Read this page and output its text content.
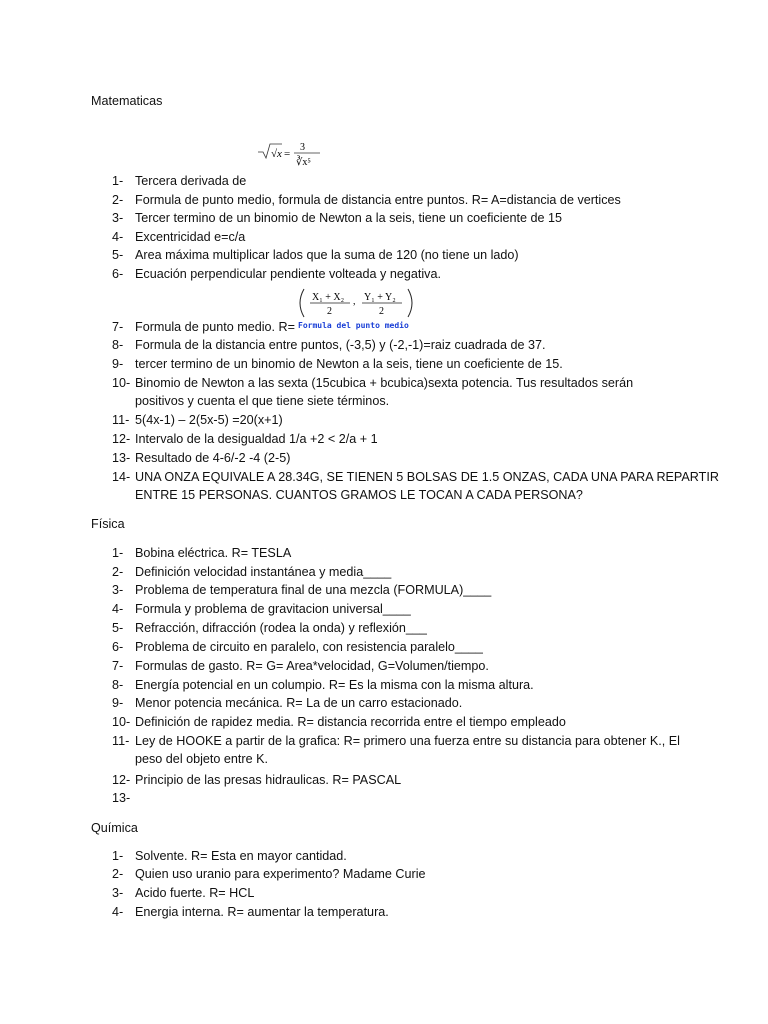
Matematicas
√x =
3
∛x⁵
1- Tercera derivada de
2- Formula de punto medio, formula de distancia entre puntos. R= A=distancia de vertices
3- Tercer termino de un binomio de Newton a la seis, tiene un coeficiente de 15
4- Excentricidad e=c/a
5- Area máxima multiplicar lados que la suma de 120 (no tiene un lado)
6- Ecuación perpendicular pendiente volteada y negativa.
7- Formula de punto medio. R=
8- Formula de la distancia entre puntos, (-3,5) y (-2,-1)=raiz cuadrada de 37.
9- tercer termino de un binomio de Newton a la seis, tiene un coeficiente de 15.
10- Binomio de Newton a las sexta (15cubica + bcubica)sexta potencia. Tus resultados serán
positivos y cuenta el que tiene siete términos.
11- 5(4x-1) – 2(5x-5) =20(x+1)
12- Intervalo de la desigualdad 1/a +2 < 2/a + 1
13- Resultado de 4-6/-2 -4 (2-5)
14- UNA ONZA EQUIVALE A 28.34G, SE TIENEN 5 BOLSAS DE 1.5 ONZAS, CADA UNA PARA REPARTIR
ENTRE 15 PERSONAS. CUANTOS GRAMOS LE TOCAN A CADA PERSONA?
X₁ + X₂
2
, Y₁ + Y₂
2
Formula del punto medio
Física
1- Bobina eléctrica. R= TESLA
2- Definición velocidad instantánea y media____
3- Problema de temperatura final de una mezcla (FORMULA)____
4- Formula y problema de gravitacion universal____
5- Refracción, difracción (rodea la onda) y reflexión___
6- Problema de circuito en paralelo, con resistencia paralelo____
7- Formulas de gasto. R= G= Area*velocidad, G=Volumen/tiempo.
8- Energía potencial en un columpio. R= Es la misma con la misma altura.
9- Menor potencia mecánica. R= La de un carro estacionado.
10- Definición de rapidez media. R= distancia recorrida entre el tiempo empleado
11- Ley de HOOKE a partir de la grafica: R= primero una fuerza entre su distancia para obtener K., El
peso del objeto entre K.
12- Principio de las presas hidraulicas. R= PASCAL
13-
Química
1- Solvente. R= Esta en mayor cantidad.
2- Quien uso uranio para experimento? Madame Curie
3- Acido fuerte. R= HCL
4- Energia interna. R= aumentar la temperatura.
